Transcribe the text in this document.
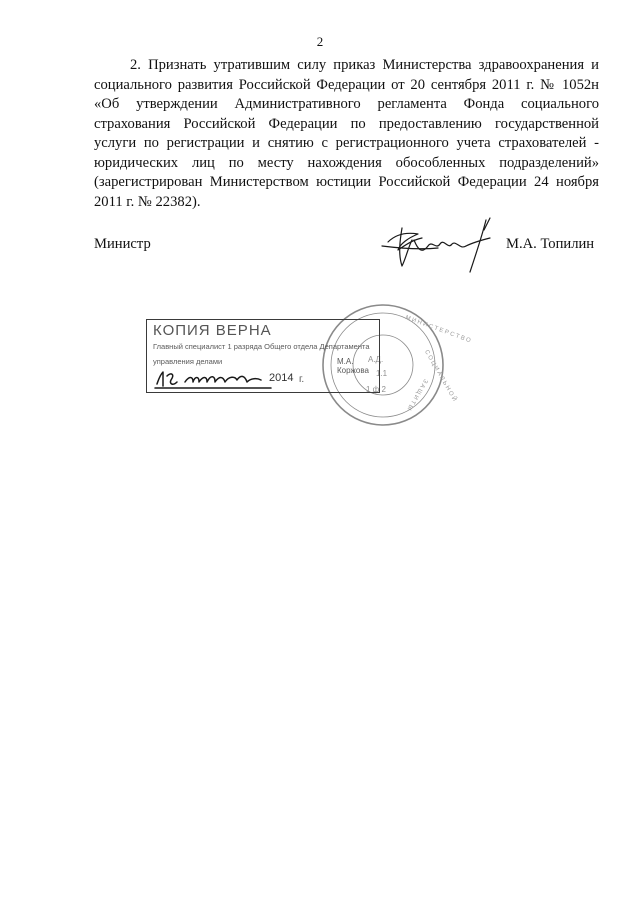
2
2. Признать утратившим силу приказ Министерства здравоохранения и
социального развития Российской Федерации от 20 сентября 2011 г. № 1052н
«Об утверждении Административного регламента Фонда социального
страхования Российской Федерации по предоставлению государственной
услуги по регистрации и снятию с регистрационного учета страхователей -
юридических лиц по месту нахождения обособленных подразделений»
(зарегистрирован Министерством юстиции Российской Федерации 24 ноября
2011 г. № 22382).
Министр	М.А. Топилин
М И Н И С Т Е Р С Т В О
С О Ц И А Л Ь Н О Й
З А Щ И Т Ы
А.Д.
1.1
1 ф 2
КОПИЯ ВЕРНА
Главный специалист 1 разряда Общего отдела Департамента
управления делами	М.А. Коржова
2014 г.
